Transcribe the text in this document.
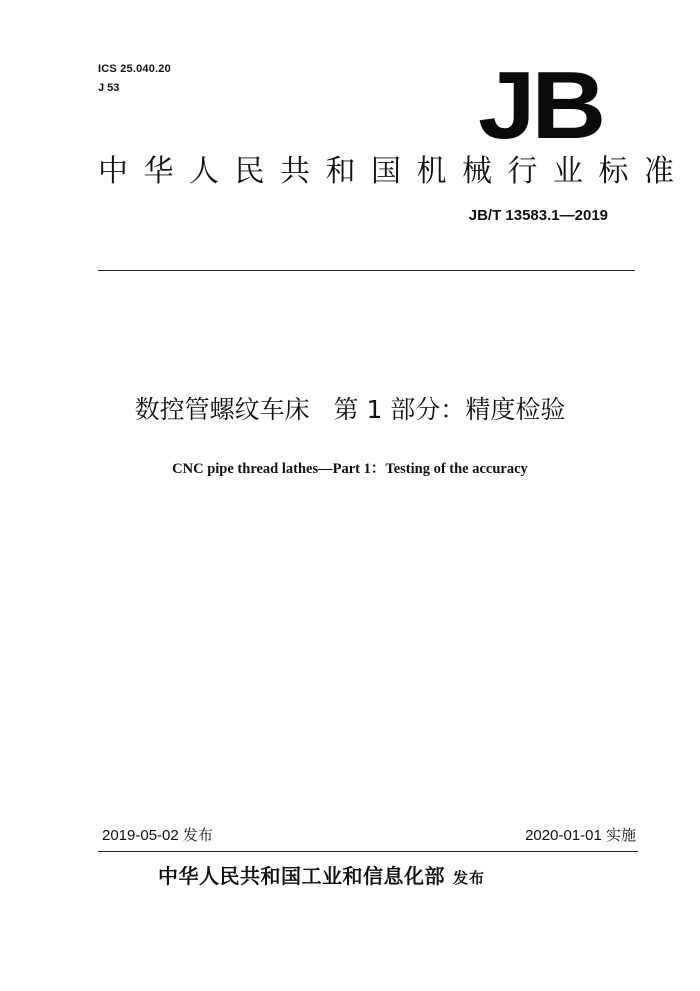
ICS 25.040.20
J 53	JB
中华人民共和国机械行业标准
JB/T 13583.1—2019
数控管螺纹车床   第 1 部分：精度检验
CNC pipe thread lathes—Part 1：Testing of the accuracy
2019-05-02 发布	2020-01-01 实施
中华人民共和国工业和信息化部 发布
